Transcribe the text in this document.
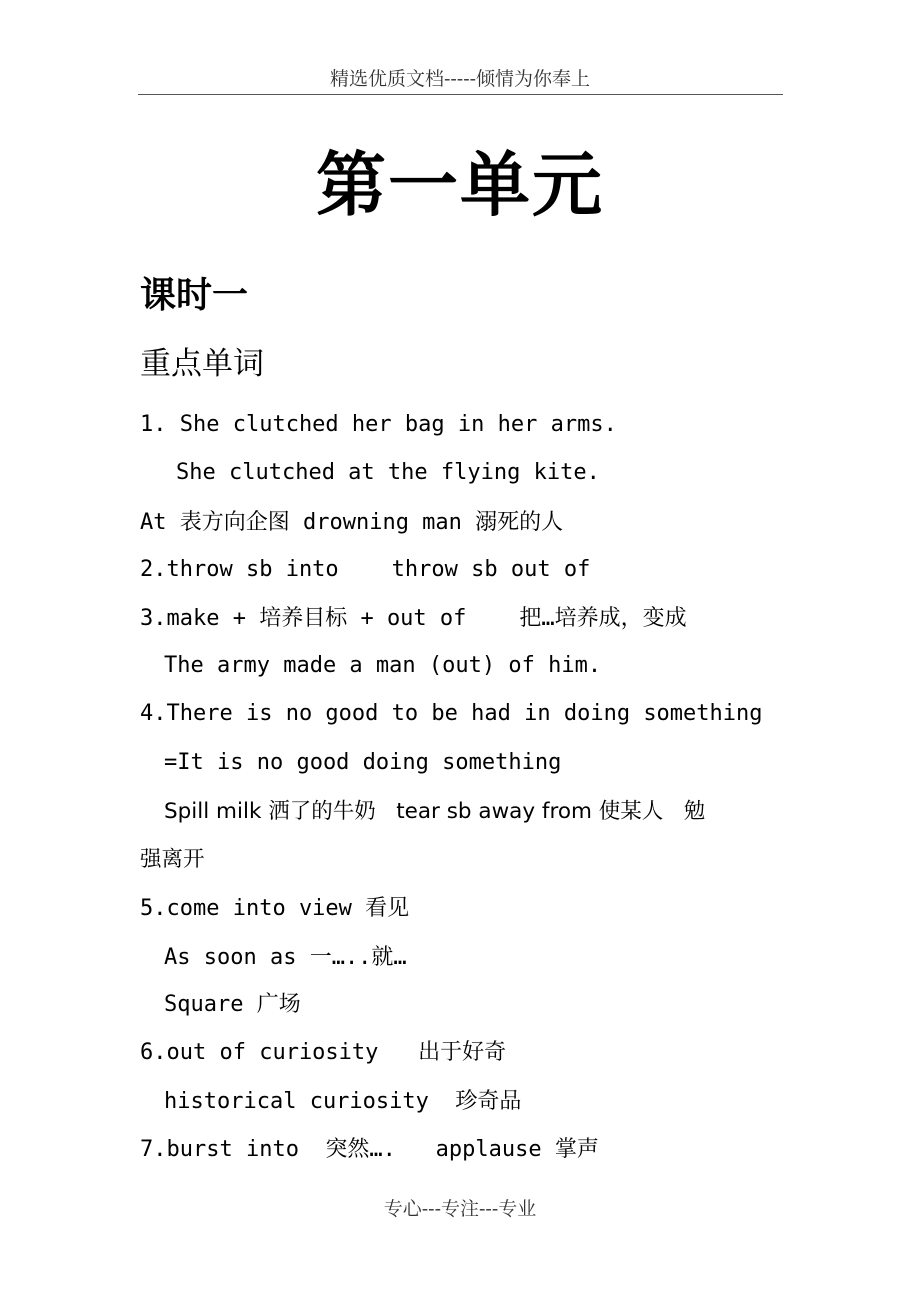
精选优质文档-----倾情为你奉上
第一单元
课时一
重点单词
1. She clutched her bag in her arms.
She clutched at the flying kite.
At 表方向企图 drowning man 溺死的人
2.throw sb into    throw sb out of
3.make + 培养目标 + out of    把…培养成，变成
The army made a man (out) of him.
4.There is no good to be had in doing something
=It is no good doing something
Spill milk 洒了的牛奶   tear sb away from 使某人   勉
强离开
5.come into view 看见
As soon as 一…..就…
Square 广场
6.out of curiosity   出于好奇
historical curiosity  珍奇品
7.burst into  突然….   applause 掌声
专心---专注---专业
